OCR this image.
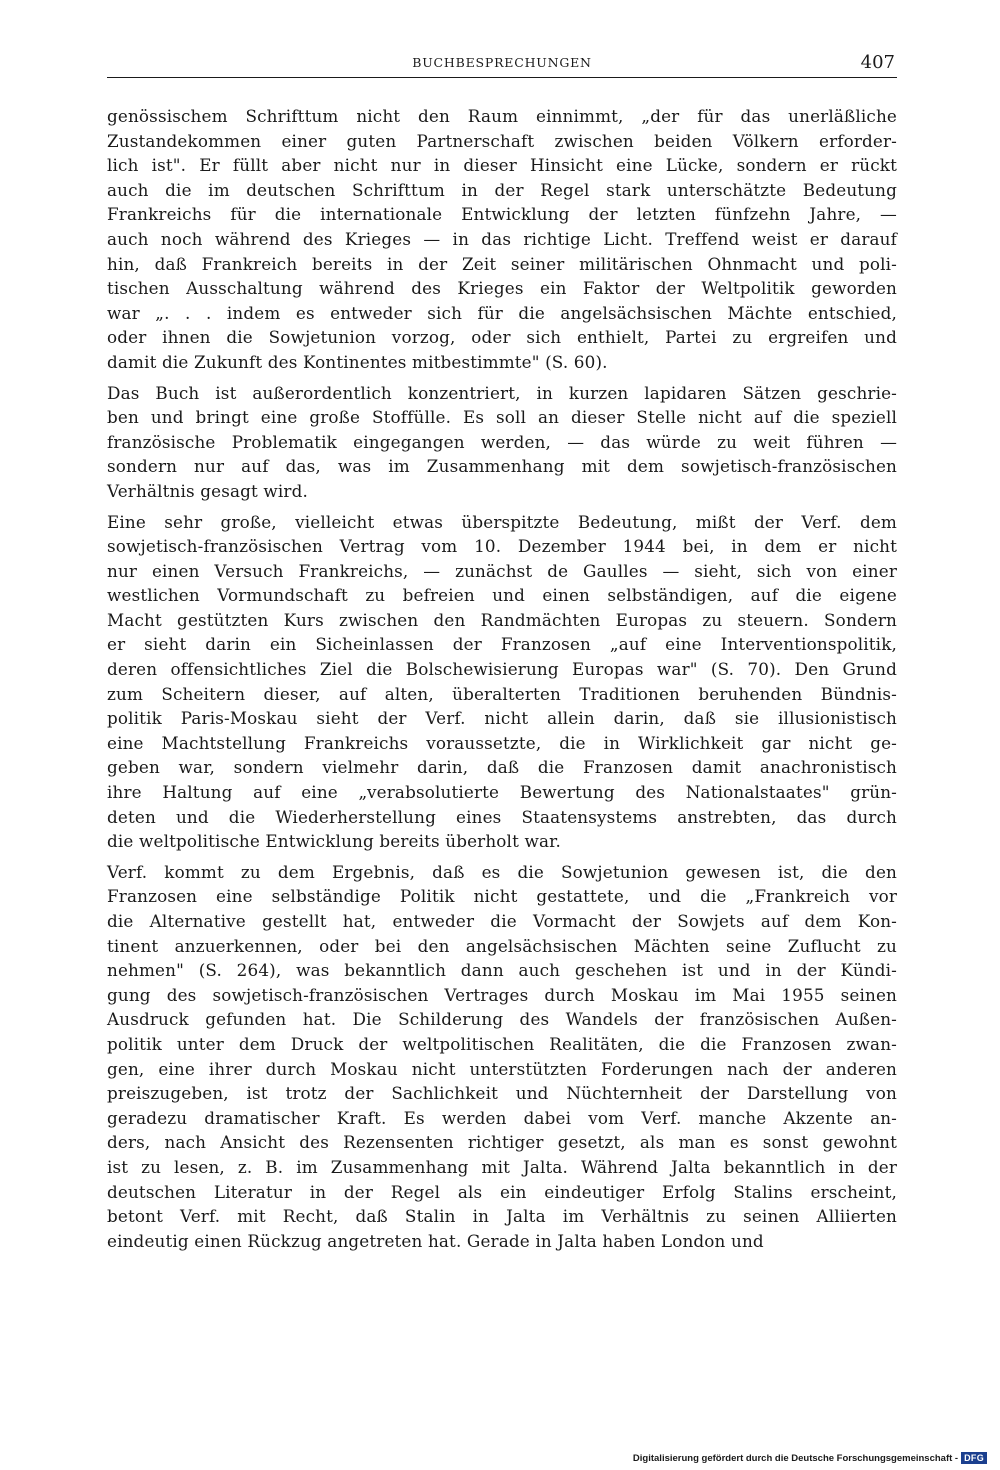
BUCHBESPRECHUNGEN	407
genössischem Schrifttum nicht den Raum einnimmt, „der für das unerläßliche
Zustandekommen einer guten Partnerschaft zwischen beiden Völkern erforder-
lich ist". Er füllt aber nicht nur in dieser Hinsicht eine Lücke, sondern er rückt
auch die im deutschen Schrifttum in der Regel stark unterschätzte Bedeutung
Frankreichs für die internationale Entwicklung der letzten fünfzehn Jahre, —
auch noch während des Krieges — in das richtige Licht. Treffend weist er darauf
hin, daß Frankreich bereits in der Zeit seiner militärischen Ohnmacht und poli-
tischen Ausschaltung während des Krieges ein Faktor der Weltpolitik geworden
war „. . . indem es entweder sich für die angelsächsischen Mächte entschied,
oder ihnen die Sowjetunion vorzog, oder sich enthielt, Partei zu ergreifen und
damit die Zukunft des Kontinentes mitbestimmte" (S. 60).
Das Buch ist außerordentlich konzentriert, in kurzen lapidaren Sätzen geschrie-
ben und bringt eine große Stoffülle. Es soll an dieser Stelle nicht auf die speziell
französische Problematik eingegangen werden, — das würde zu weit führen —
sondern nur auf das, was im Zusammenhang mit dem sowjetisch-französischen
Verhältnis gesagt wird.
Eine sehr große, vielleicht etwas überspitzte Bedeutung, mißt der Verf. dem
sowjetisch-französischen Vertrag vom 10. Dezember 1944 bei, in dem er nicht
nur einen Versuch Frankreichs, — zunächst de Gaulles — sieht, sich von einer
westlichen Vormundschaft zu befreien und einen selbständigen, auf die eigene
Macht gestützten Kurs zwischen den Randmächten Europas zu steuern. Sondern
er sieht darin ein Sicheinlassen der Franzosen „auf eine Interventionspolitik,
deren offensichtliches Ziel die Bolschewisierung Europas war" (S. 70). Den Grund
zum Scheitern dieser, auf alten, überalterten Traditionen beruhenden Bündnis-
politik Paris-Moskau sieht der Verf. nicht allein darin, daß sie illusionistisch
eine Machtstellung Frankreichs voraussetzte, die in Wirklichkeit gar nicht ge-
geben war, sondern vielmehr darin, daß die Franzosen damit anachronistisch
ihre Haltung auf eine „verabsolutierte Bewertung des Nationalstaates" grün-
deten und die Wiederherstellung eines Staatensystems anstrebten, das durch
die weltpolitische Entwicklung bereits überholt war.
Verf. kommt zu dem Ergebnis, daß es die Sowjetunion gewesen ist, die den
Franzosen eine selbständige Politik nicht gestattete, und die „Frankreich vor
die Alternative gestellt hat, entweder die Vormacht der Sowjets auf dem Kon-
tinent anzuerkennen, oder bei den angelsächsischen Mächten seine Zuflucht zu
nehmen" (S. 264), was bekanntlich dann auch geschehen ist und in der Kündi-
gung des sowjetisch-französischen Vertrages durch Moskau im Mai 1955 seinen
Ausdruck gefunden hat. Die Schilderung des Wandels der französischen Außen-
politik unter dem Druck der weltpolitischen Realitäten, die die Franzosen zwan-
gen, eine ihrer durch Moskau nicht unterstützten Forderungen nach der anderen
preiszugeben, ist trotz der Sachlichkeit und Nüchternheit der Darstellung von
geradezu dramatischer Kraft. Es werden dabei vom Verf. manche Akzente an-
ders, nach Ansicht des Rezensenten richtiger gesetzt, als man es sonst gewohnt
ist zu lesen, z. B. im Zusammenhang mit Jalta. Während Jalta bekanntlich in der
deutschen Literatur in der Regel als ein eindeutiger Erfolg Stalins erscheint,
betont Verf. mit Recht, daß Stalin in Jalta im Verhältnis zu seinen Alliierten
eindeutig einen Rückzug angetreten hat. Gerade in Jalta haben London und
Digitalisierung gefördert durch die Deutsche Forschungsgemeinschaft - DFG
